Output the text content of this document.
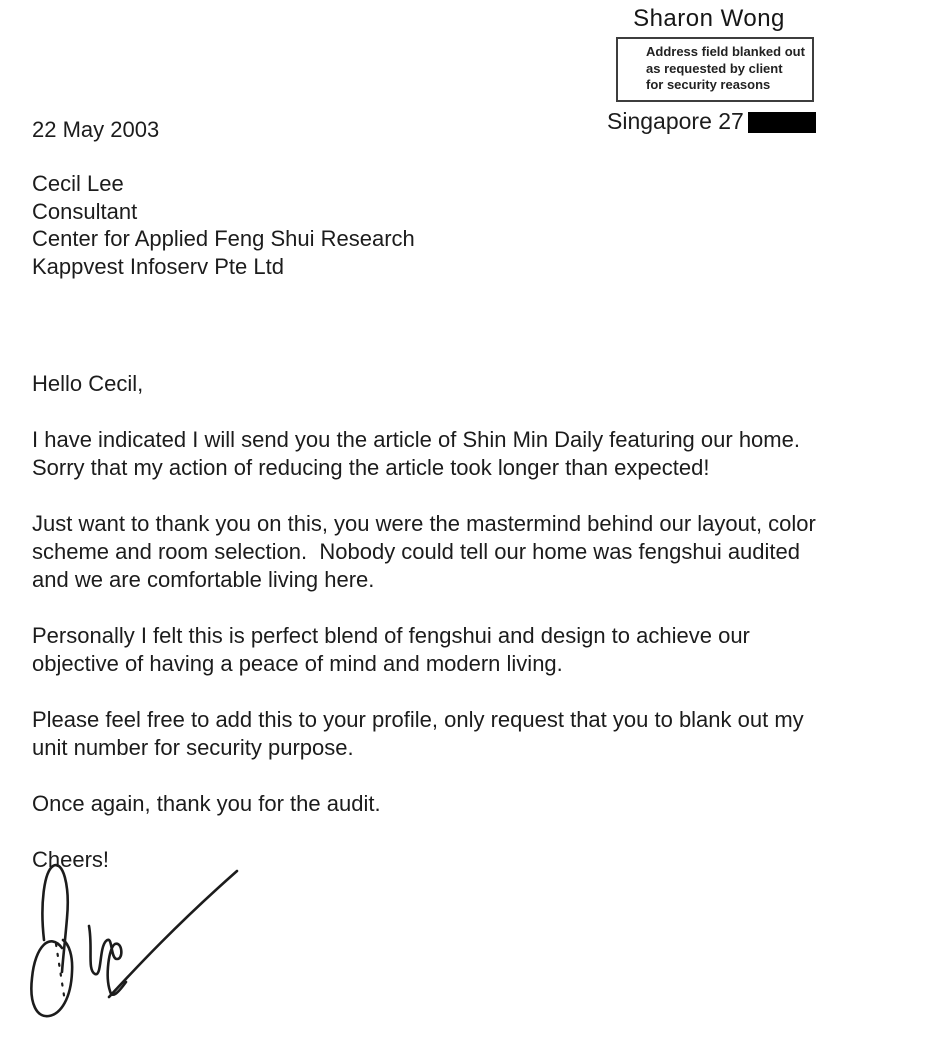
Sharon Wong
Address field blanked out
as requested by client
for security reasons
Singapore 27
22 May 2003
Cecil Lee
Consultant
Center for Applied Feng Shui Research
Kappvest Infoserv Pte Ltd
Hello Cecil,
I have indicated I will send you the article of Shin Min Daily featuring our home.
Sorry that my action of reducing the article took longer than expected!
Just want to thank you on this, you were the mastermind behind our layout, color
scheme and room selection.  Nobody could tell our home was fengshui audited
and we are comfortable living here.
Personally I felt this is perfect blend of fengshui and design to achieve our
objective of having a peace of mind and modern living.
Please feel free to add this to your profile, only request that you to blank out my
unit number for security purpose.
Once again, thank you for the audit.
Cheers!
